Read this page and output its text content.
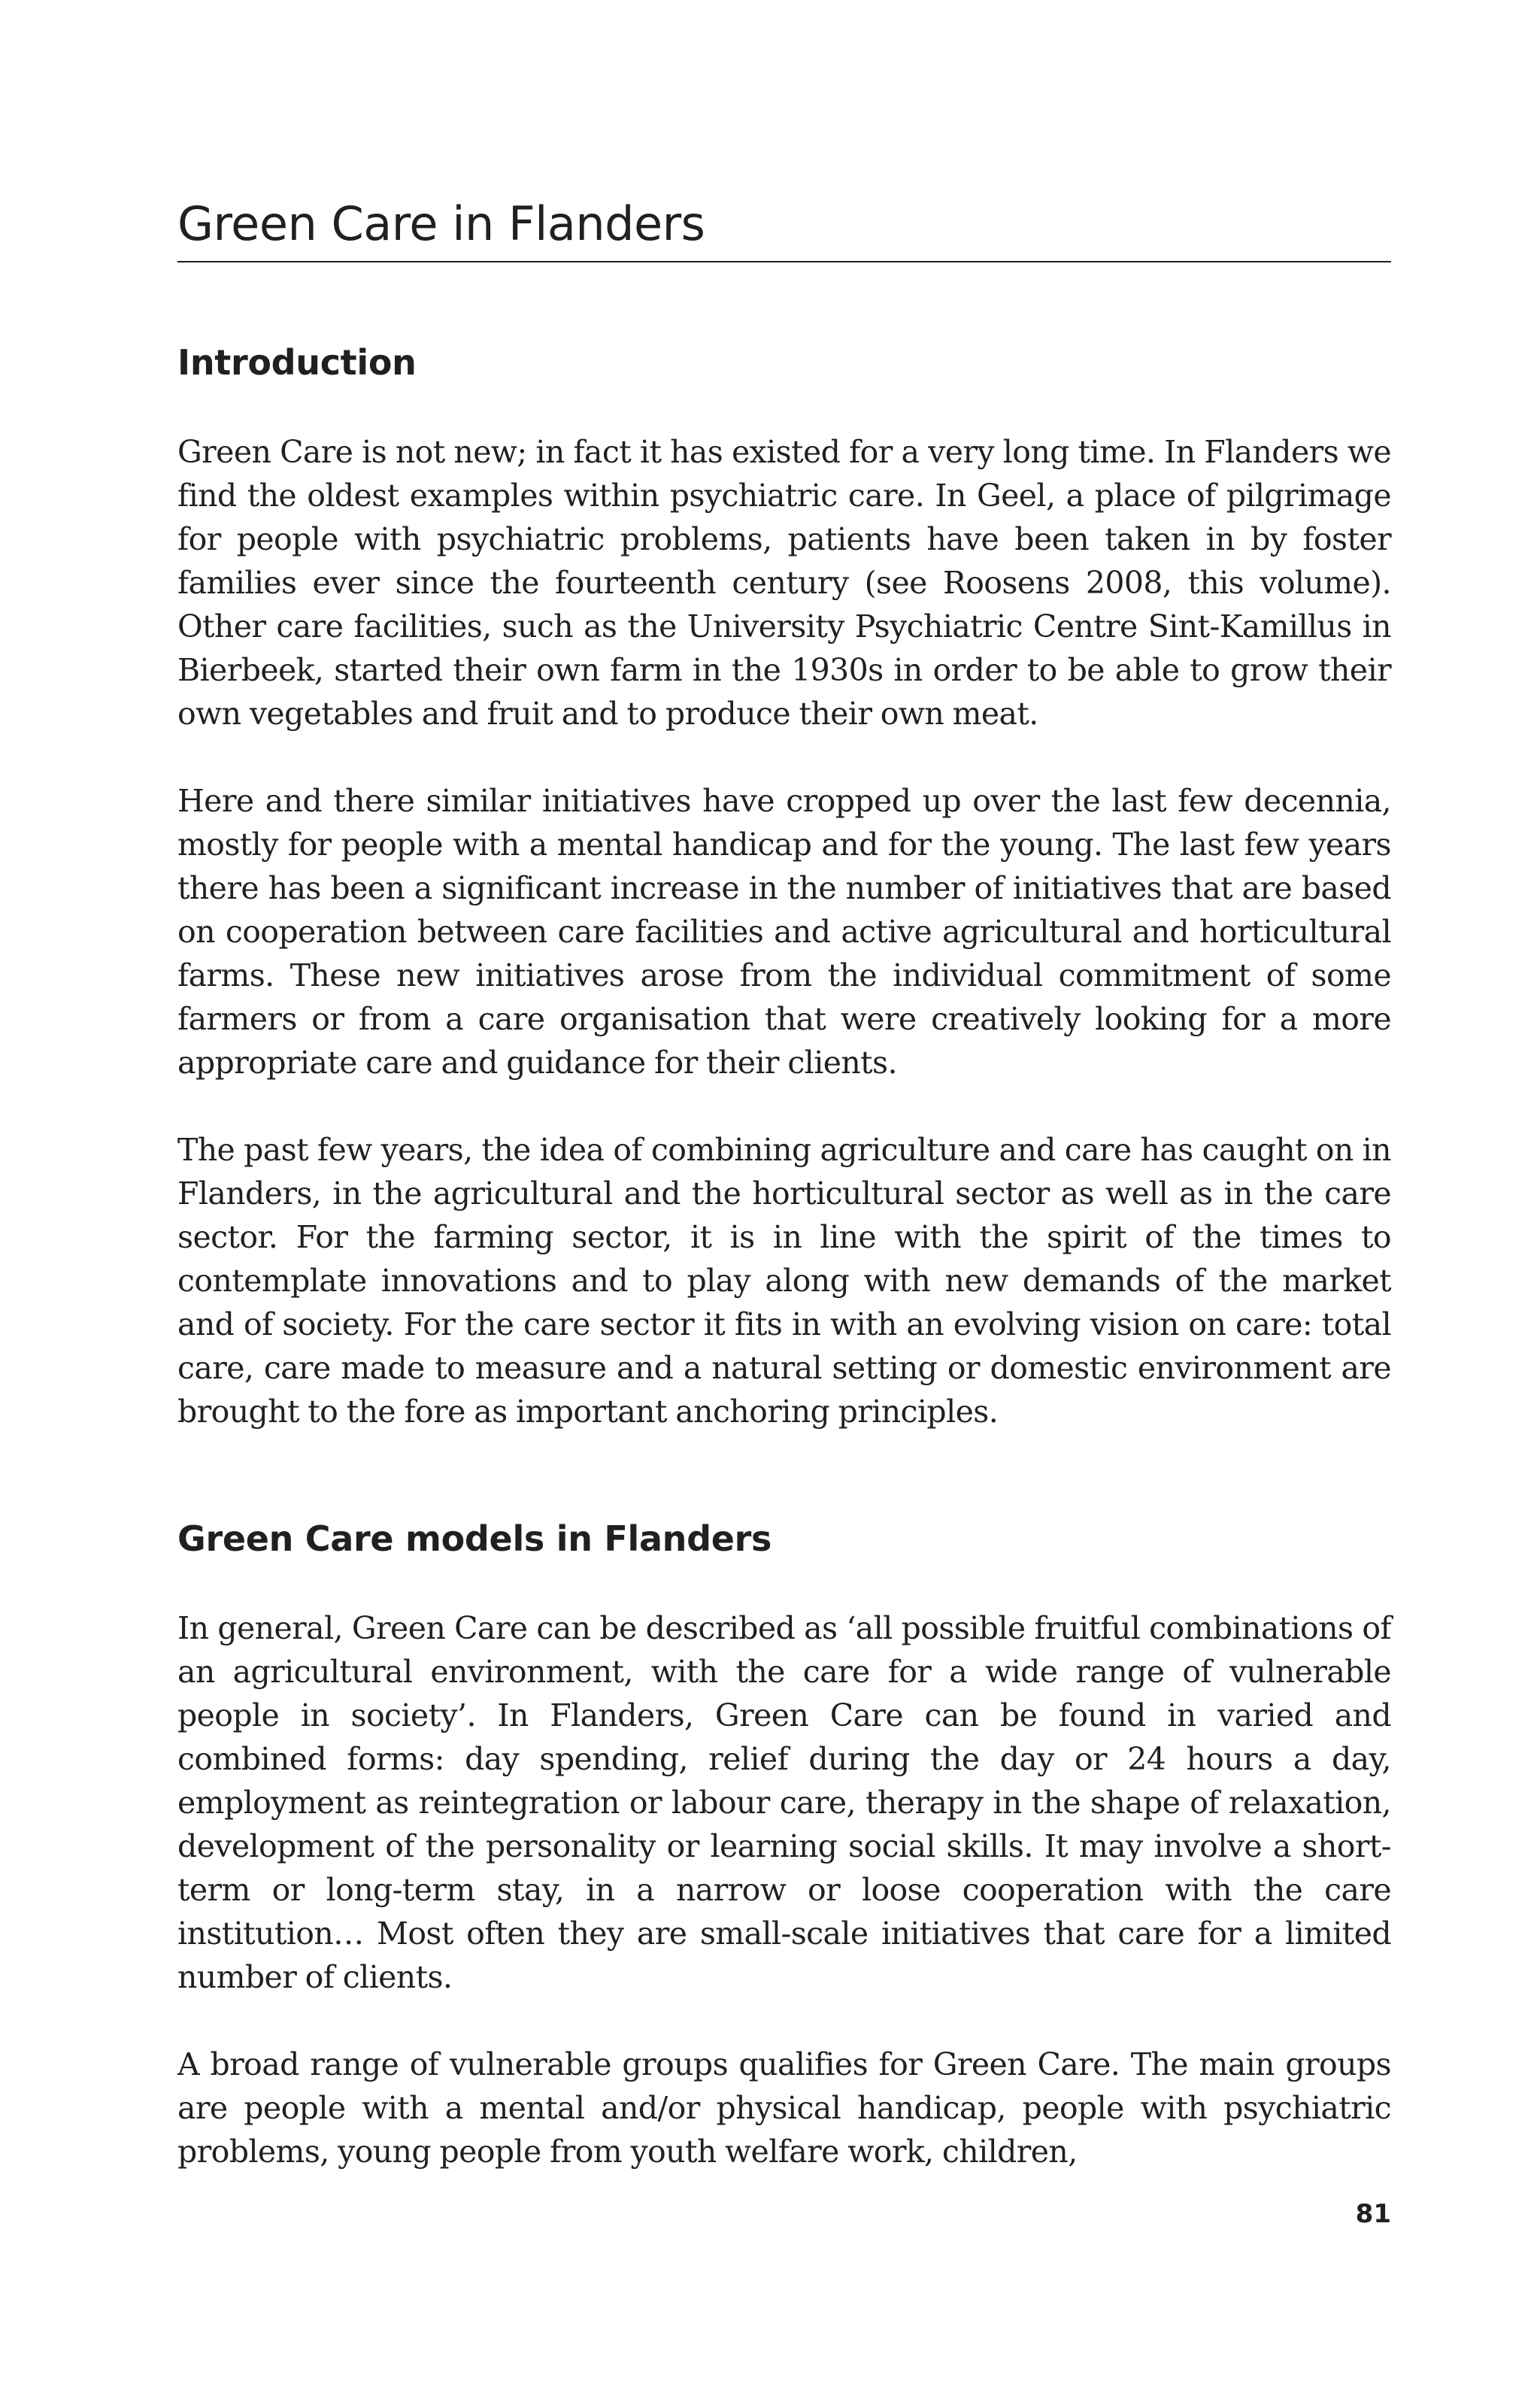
Green Care in Flanders
Introduction

Green Care is not new; in fact it has existed for a very long time. In Flanders we find the oldest examples within psychiatric care. In Geel, a place of pilgrimage for people with psychiatric problems, patients have been taken in by foster families ever since the fourteenth century (see Roosens 2008, this volume). Other care facilities, such as the University Psychiatric Centre Sint-Kamillus in Bierbeek, started their own farm in the 1930s in order to be able to grow their own vegetables and fruit and to produce their own meat.

Here and there similar initiatives have cropped up over the last few decennia, mostly for people with a mental handicap and for the young. The last few years there has been a significant increase in the number of initiatives that are based on cooperation between care facilities and active agricultural and horticultural farms. These new initiatives arose from the individual commitment of some farmers or from a care organisation that were creatively looking for a more appropriate care and guidance for their clients.

The past few years, the idea of combining agriculture and care has caught on in Flanders, in the agricultural and the horticultural sector as well as in the care sector. For the farming sector, it is in line with the spirit of the times to contemplate innovations and to play along with new demands of the market and of society. For the care sector it fits in with an evolving vision on care: total care, care made to measure and a natural setting or domestic environment are brought to the fore as important anchoring principles.

Green Care models in Flanders

In general, Green Care can be described as ‘all possible fruitful combinations of an agricultural environment, with the care for a wide range of vulnerable people in society’. In Flanders, Green Care can be found in varied and combined forms: day spending, relief during the day or 24 hours a day, employment as reintegration or labour care, therapy in the shape of relaxation, development of the personality or learning social skills. It may involve a short-term or long-term stay, in a narrow or loose cooperation with the care institution… Most often they are small-scale initiatives that care for a limited number of clients.

A broad range of vulnerable groups qualifies for Green Care. The main groups are people with a mental and/or physical handicap, people with psychiatric problems, young people from youth welfare work, children,

81
